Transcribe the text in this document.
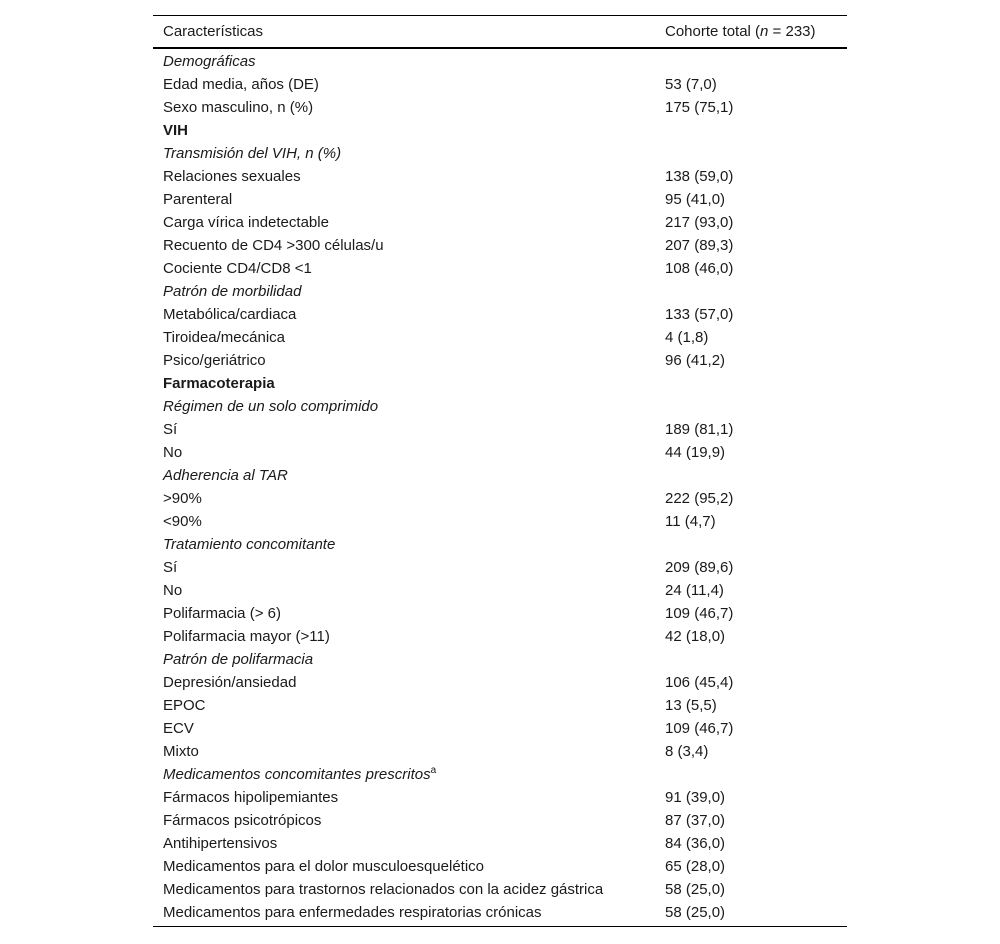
Características	Cohorte total (n = 233)
Demográficas
Edad media, años (DE)	53 (7,0)
Sexo masculino, n (%)	175 (75,1)
VIH
Transmisión del VIH, n (%)
Relaciones sexuales	138 (59,0)
Parenteral	95 (41,0)
Carga vírica indetectable	217 (93,0)
Recuento de CD4 >300 células/u	207 (89,3)
Cociente CD4/CD8 <1	108 (46,0)
Patrón de morbilidad
Metabólica/cardiaca	133 (57,0)
Tiroidea/mecánica	4 (1,8)
Psico/geriátrico	96 (41,2)
Farmacoterapia
Régimen de un solo comprimido
Sí	189 (81,1)
No	44 (19,9)
Adherencia al TAR
>90%	222 (95,2)
<90%	11 (4,7)
Tratamiento concomitante
Sí	209 (89,6)
No	24 (11,4)
Polifarmacia (> 6)	109 (46,7)
Polifarmacia mayor (>11)	42 (18,0)
Patrón de polifarmacia
Depresión/ansiedad	106 (45,4)
EPOC	13 (5,5)
ECV	109 (46,7)
Mixto	8 (3,4)
Medicamentos concomitantes prescritos$^a$
Fármacos hipolipemiantes	91 (39,0)
Fármacos psicotrópicos	87 (37,0)
Antihipertensivos	84 (36,0)
Medicamentos para el dolor musculoesquelético	65 (28,0)
Medicamentos para trastornos relacionados con la acidez gástrica	58 (25,0)
Medicamentos para enfermedades respiratorias crónicas	58 (25,0)
